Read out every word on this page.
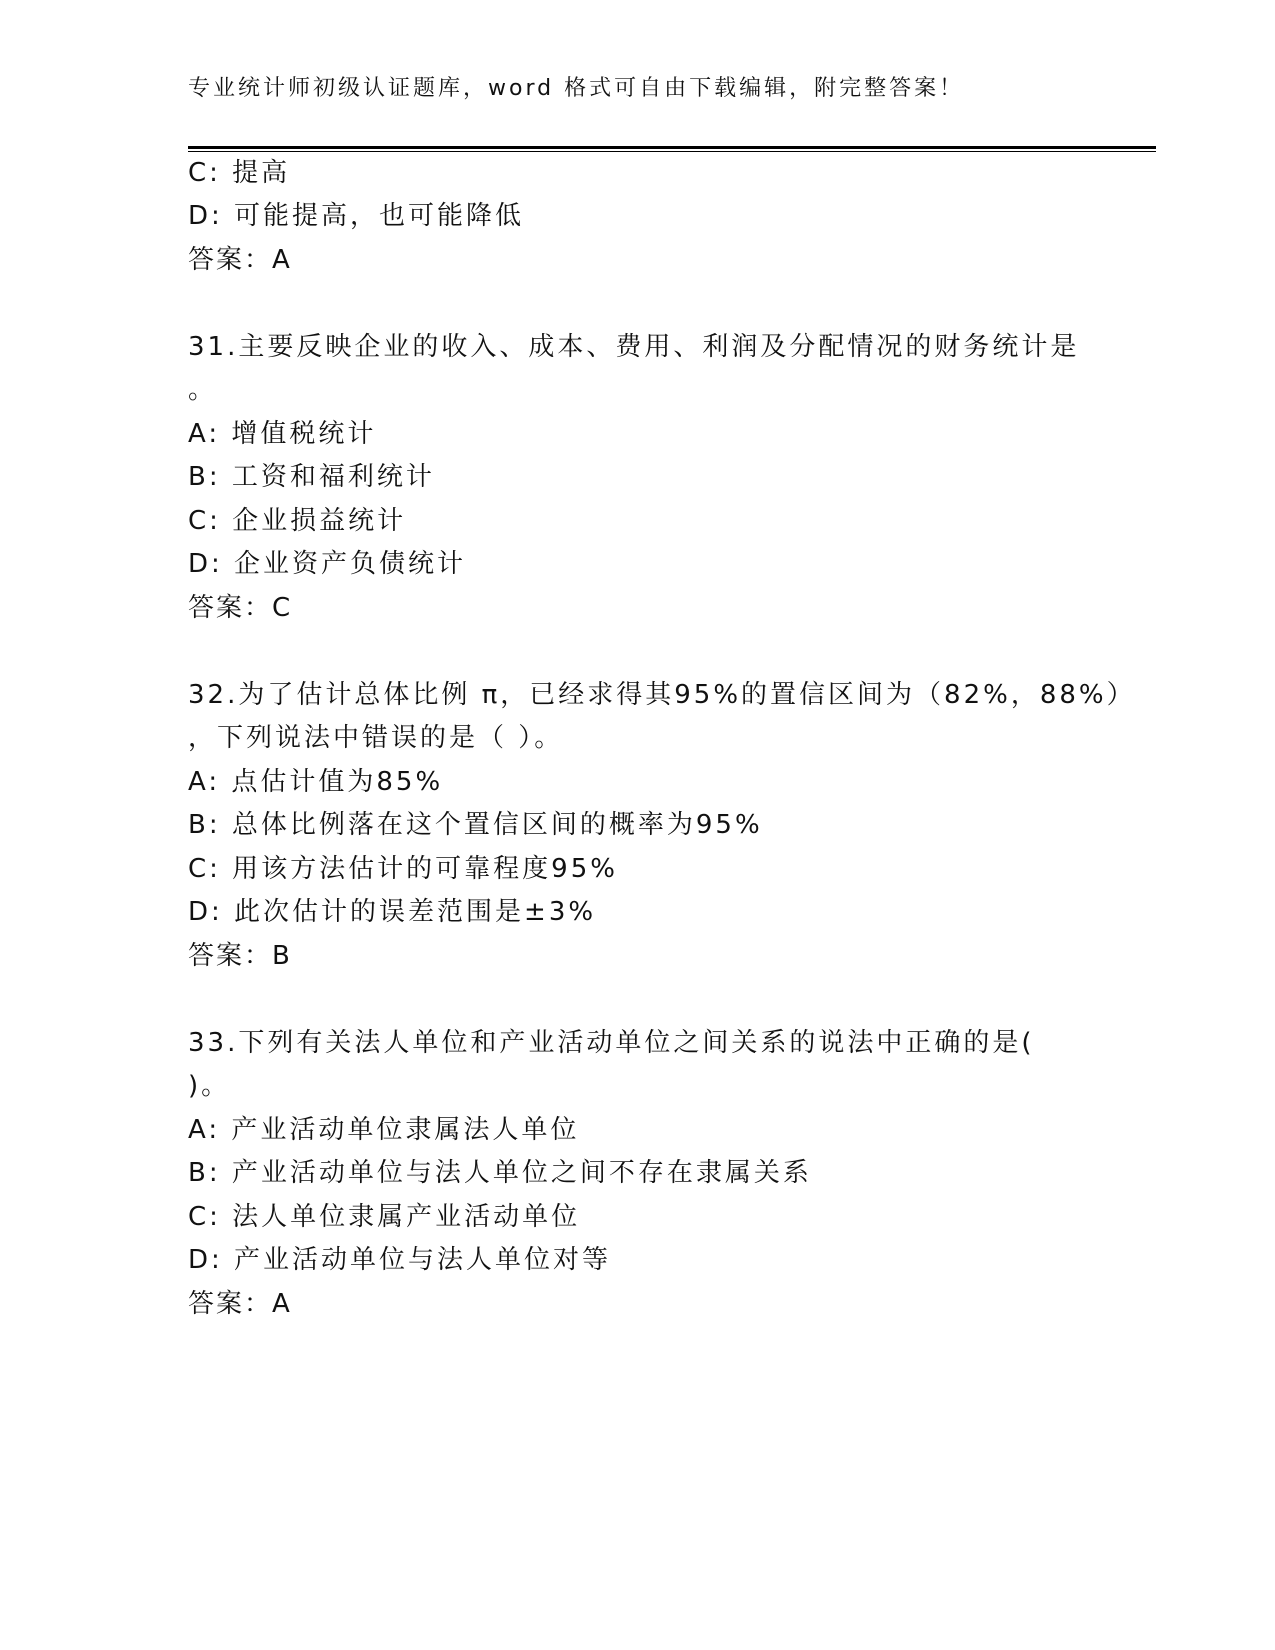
专业统计师初级认证题库，word 格式可自由下载编辑，附完整答案！
C: 提高
D: 可能提高，也可能降低
答案：A
31.主要反映企业的收入、成本、费用、利润及分配情况的财务统计是
。
A: 增值税统计
B: 工资和福利统计
C: 企业损益统计
D: 企业资产负债统计
答案：C
32.为了估计总体比例 π，已经求得其95%的置信区间为（82%，88%）
，下列说法中错误的是（ ）。
A: 点估计值为85%
B: 总体比例落在这个置信区间的概率为95%
C: 用该方法估计的可靠程度95%
D: 此次估计的误差范围是±3%
答案：B
33.下列有关法人单位和产业活动单位之间关系的说法中正确的是(
)。
A: 产业活动单位隶属法人单位
B: 产业活动单位与法人单位之间不存在隶属关系
C: 法人单位隶属产业活动单位
D: 产业活动单位与法人单位对等
答案：A
